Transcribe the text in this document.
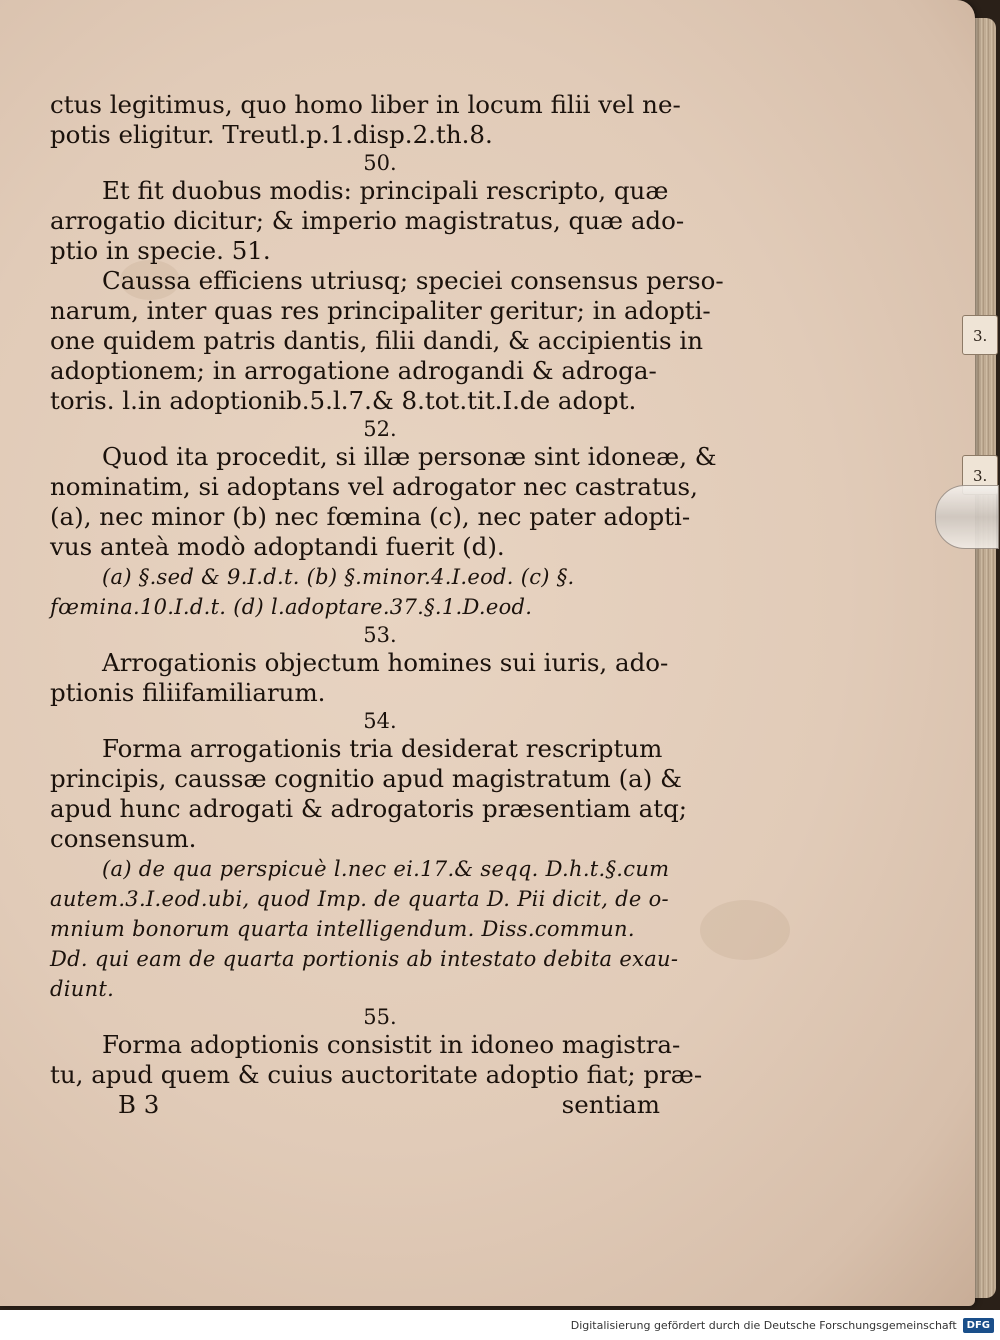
ctus legitimus, quo homo liber in locum filii vel ne-
potis eligitur. Treutl.p.1.disp.2.th.8.
50.
Et fit duobus modis: principali rescripto, quæ
arrogatio dicitur; & imperio magistratus, quæ ado-
ptio in specie. 51.
Caussa efficiens utriusq; speciei consensus perso-
narum, inter quas res principaliter geritur; in adopti-
one quidem patris dantis, filii dandi, & accipientis in
adoptionem; in arrogatione adrogandi & adroga-
toris. l.in adoptionib.5.l.7.& 8.tot.tit.I.de adopt.
52.
Quod ita procedit, si illæ personæ sint idoneæ, &
nominatim, si adoptans vel adrogator nec castratus,
(a), nec minor (b) nec fœmina (c), nec pater adopti-
vus anteà modò adoptandi fuerit (d).
(a) §.sed & 9.I.d.t. (b) §.minor.4.I.eod. (c) §.
fœmina.10.I.d.t. (d) l.adoptare.37.§.1.D.eod.
53.
Arrogationis objectum homines sui iuris, ado-
ptionis filiifamiliarum.
54.
Forma arrogationis tria desiderat rescriptum
principis, caussæ cognitio apud magistratum (a) &
apud hunc adrogati & adrogatoris præsentiam atq;
consensum.
(a) de qua perspicuè l.nec ei.17.& seqq. D.h.t.§.cum
autem.3.I.eod.ubi, quod Imp. de quarta D. Pii dicit, de o-
mnium bonorum quarta intelligendum. Diss.commun.
Dd. qui eam de quarta portionis ab intestato debita exau-
diunt.
55.
Forma adoptionis consistit in idoneo magistra-
tu, apud quem & cuius auctoritate adoptio fiat; præ-
B 3	sentiam
3.
3.
Digitalisierung gefördert durch die Deutsche Forschungsgemeinschaft	DFG
